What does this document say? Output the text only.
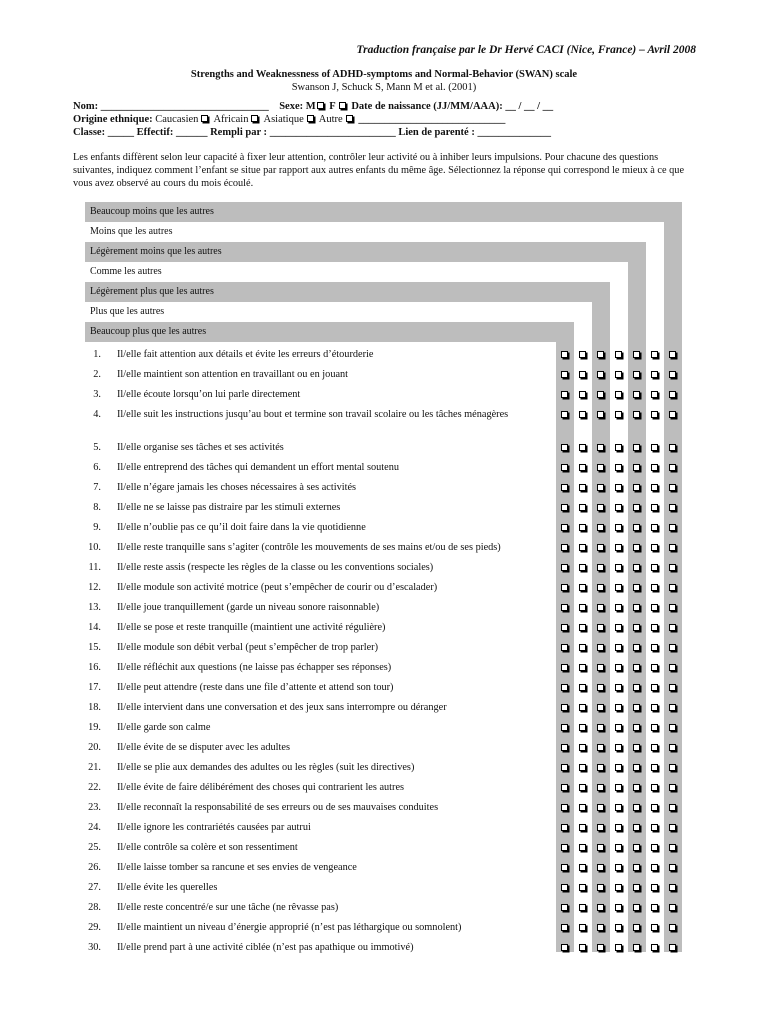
Traduction française par le Dr Hervé CACI (Nice, France) – Avril 2008
Strengths and Weaknessness of ADHD-symptoms and Normal-Behavior (SWAN) scale
Swanson J, Schuck S, Mann M et al. (2001)
Nom: ________________________________ Sexe: M F Date de naissance (JJ/MM/AAA): __ / __ / __
Origine ethnique: Caucasien Africain Asiatique Autre ____________________________
Classe: _____ Effectif: ______ Rempli par : ________________________ Lien de parenté : ______________
Les enfants diffèrent selon leur capacité à fixer leur attention, contrôler leur activité ou à inhiber leurs impulsions. Pour chacune des questions suivantes, indiquez comment l’enfant se situe par rapport aux autres enfants du même âge. Sélectionnez la réponse qui correspond le mieux à ce que vous avez observé au cours du mois écoulé.
Beaucoup moins que les autres
Moins que les autres
Légèrement moins que les autres
Comme les autres
Légèrement plus que les autres
Plus que les autres
Beaucoup plus que les autres
1. Il/elle fait attention aux détails et évite les erreurs d’étourderie
2. Il/elle maintient son attention en travaillant ou en jouant
3. Il/elle écoute lorsqu’on lui parle directement
4. Il/elle suit les instructions jusqu’au bout et termine son travail scolaire ou les tâches ménagères
5. Il/elle organise ses tâches et ses activités
6. Il/elle entreprend des tâches qui demandent un effort mental soutenu
7. Il/elle n’égare jamais les choses nécessaires à ses activités
8. Il/elle ne se laisse pas distraire par les stimuli externes
9. Il/elle n’oublie pas ce qu’il doit faire dans la vie quotidienne
10. Il/elle reste tranquille sans s’agiter (contrôle les mouvements de ses mains et/ou de ses pieds)
11. Il/elle reste assis (respecte les règles de la classe ou les conventions sociales)
12. Il/elle module son activité motrice (peut s’empêcher de courir ou d’escalader)
13. Il/elle joue tranquillement (garde un niveau sonore raisonnable)
14. Il/elle se pose et reste tranquille (maintient une activité régulière)
15. Il/elle module son débit verbal (peut s’empêcher de trop parler)
16. Il/elle réfléchit aux questions (ne laisse pas échapper ses réponses)
17. Il/elle peut attendre (reste dans une file d’attente et attend son tour)
18. Il/elle intervient dans une conversation et des jeux sans interrompre ou déranger
19. Il/elle garde son calme
20. Il/elle évite de se disputer avec les adultes
21. Il/elle se plie aux demandes des adultes ou les règles (suit les directives)
22. Il/elle évite de faire délibérément des choses qui contrarient les autres
23. Il/elle reconnaît la responsabilité de ses erreurs ou de ses mauvaises conduites
24. Il/elle ignore les contrariétés causées par autrui
25. Il/elle contrôle sa colère et son ressentiment
26. Il/elle laisse tomber sa rancune et ses envies de vengeance
27. Il/elle évite les querelles
28. Il/elle reste concentré/e sur une tâche (ne rêvasse pas)
29. Il/elle maintient un niveau d’énergie approprié (n’est pas léthargique ou somnolent)
30. Il/elle prend part à une activité ciblée (n’est pas apathique ou immotivé)
